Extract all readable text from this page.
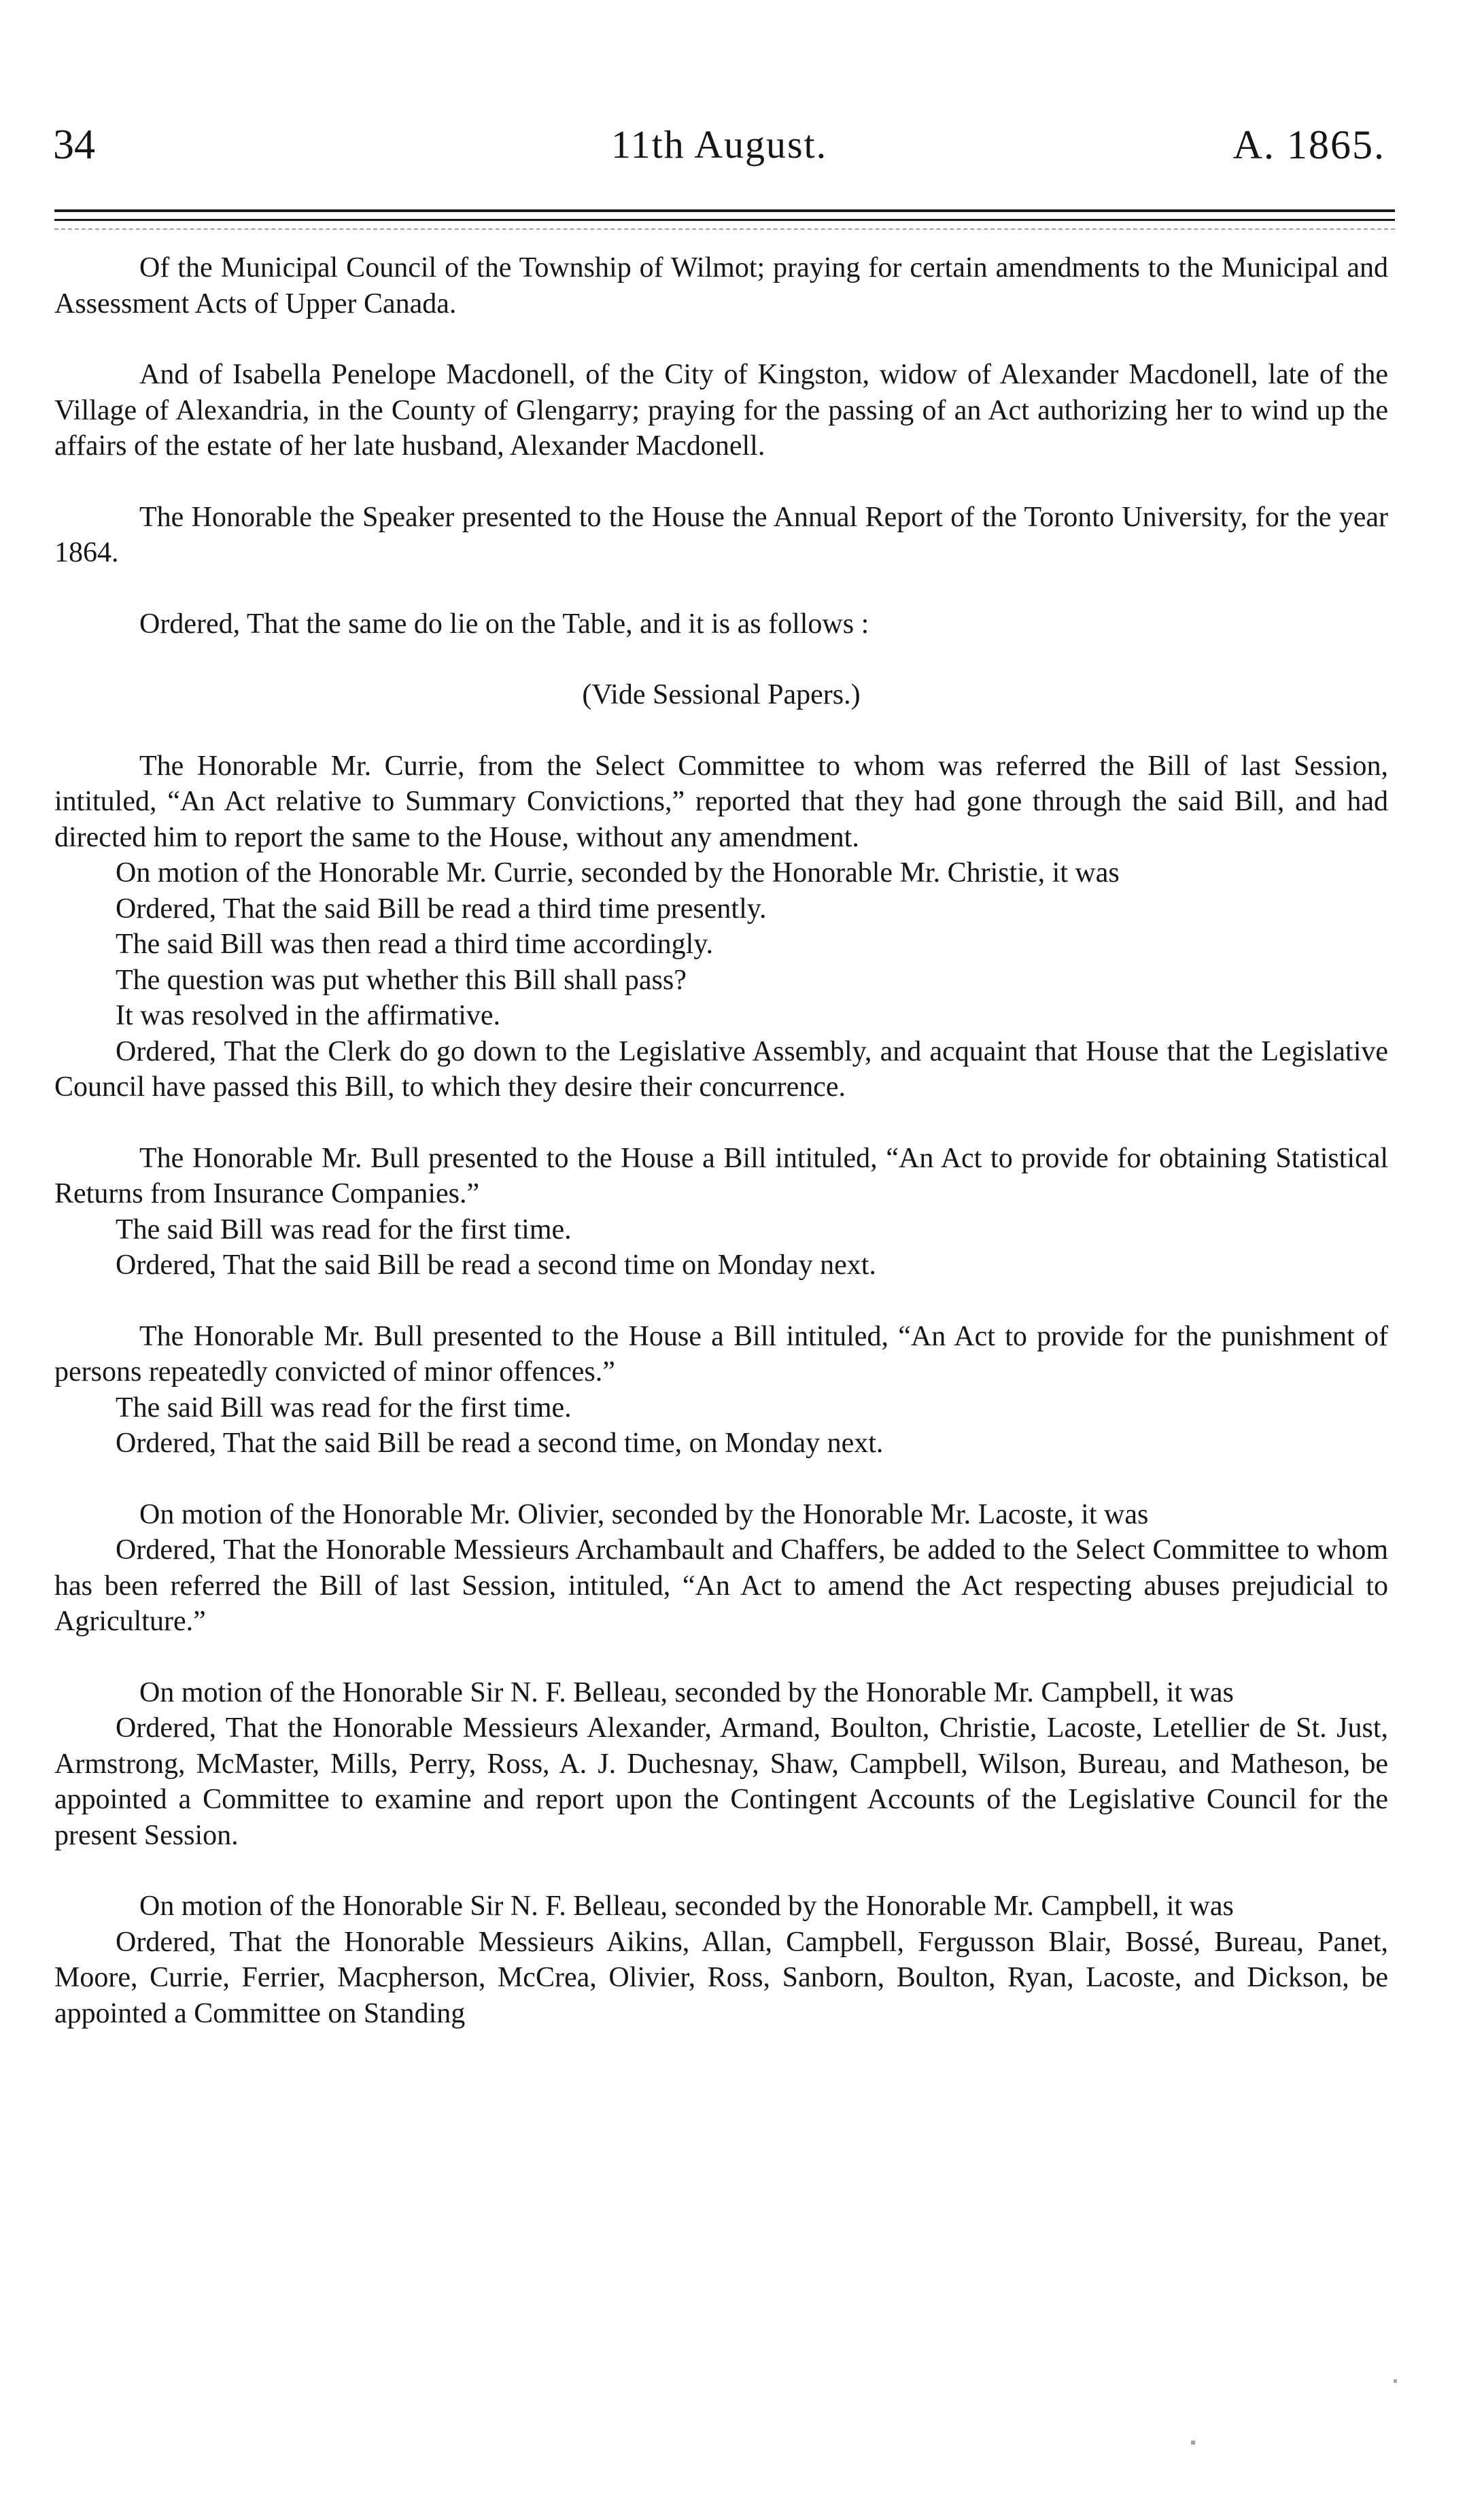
34	11th August.	A. 1865.

Of the Municipal Council of the Township of Wilmot; praying for certain amendments to the Municipal and Assessment Acts of Upper Canada.

And of Isabella Penelope Macdonell, of the City of Kingston, widow of Alexander Macdonell, late of the Village of Alexandria, in the County of Glengarry; praying for the passing of an Act authorizing her to wind up the affairs of the estate of her late husband, Alexander Macdonell.

The Honorable the Speaker presented to the House the Annual Report of the Toronto University, for the year 1864.

Ordered, That the same do lie on the Table, and it is as follows :

(Vide Sessional Papers.)

The Honorable Mr. Currie, from the Select Committee to whom was referred the Bill of last Session, intituled, “An Act relative to Summary Convictions,” reported that they had gone through the said Bill, and had directed him to report the same to the House, without any amendment.

On motion of the Honorable Mr. Currie, seconded by the Honorable Mr. Christie, it was

Ordered, That the said Bill be read a third time presently.

The said Bill was then read a third time accordingly.

The question was put whether this Bill shall pass?

It was resolved in the affirmative.

Ordered, That the Clerk do go down to the Legislative Assembly, and acquaint that House that the Legislative Council have passed this Bill, to which they desire their concurrence.

The Honorable Mr. Bull presented to the House a Bill intituled, “An Act to provide for obtaining Statistical Returns from Insurance Companies.”

The said Bill was read for the first time.

Ordered, That the said Bill be read a second time on Monday next.

The Honorable Mr. Bull presented to the House a Bill intituled, “An Act to provide for the punishment of persons repeatedly convicted of minor offences.”

The said Bill was read for the first time.

Ordered, That the said Bill be read a second time, on Monday next.

On motion of the Honorable Mr. Olivier, seconded by the Honorable Mr. Lacoste, it was

Ordered, That the Honorable Messieurs Archambault and Chaffers, be added to the Select Committee to whom has been referred the Bill of last Session, intituled, “An Act to amend the Act respecting abuses prejudicial to Agriculture.”

On motion of the Honorable Sir N. F. Belleau, seconded by the Honorable Mr. Campbell, it was

Ordered, That the Honorable Messieurs Alexander, Armand, Boulton, Christie, Lacoste, Letellier de St. Just, Armstrong, McMaster, Mills, Perry, Ross, A. J. Duchesnay, Shaw, Campbell, Wilson, Bureau, and Matheson, be appointed a Committee to examine and report upon the Contingent Accounts of the Legislative Council for the present Session.

On motion of the Honorable Sir N. F. Belleau, seconded by the Honorable Mr. Campbell, it was

Ordered, That the Honorable Messieurs Aikins, Allan, Campbell, Fergusson Blair, Bossé, Bureau, Panet, Moore, Currie, Ferrier, Macpherson, McCrea, Olivier, Ross, Sanborn, Boulton, Ryan, Lacoste, and Dickson, be appointed a Committee on Standing
